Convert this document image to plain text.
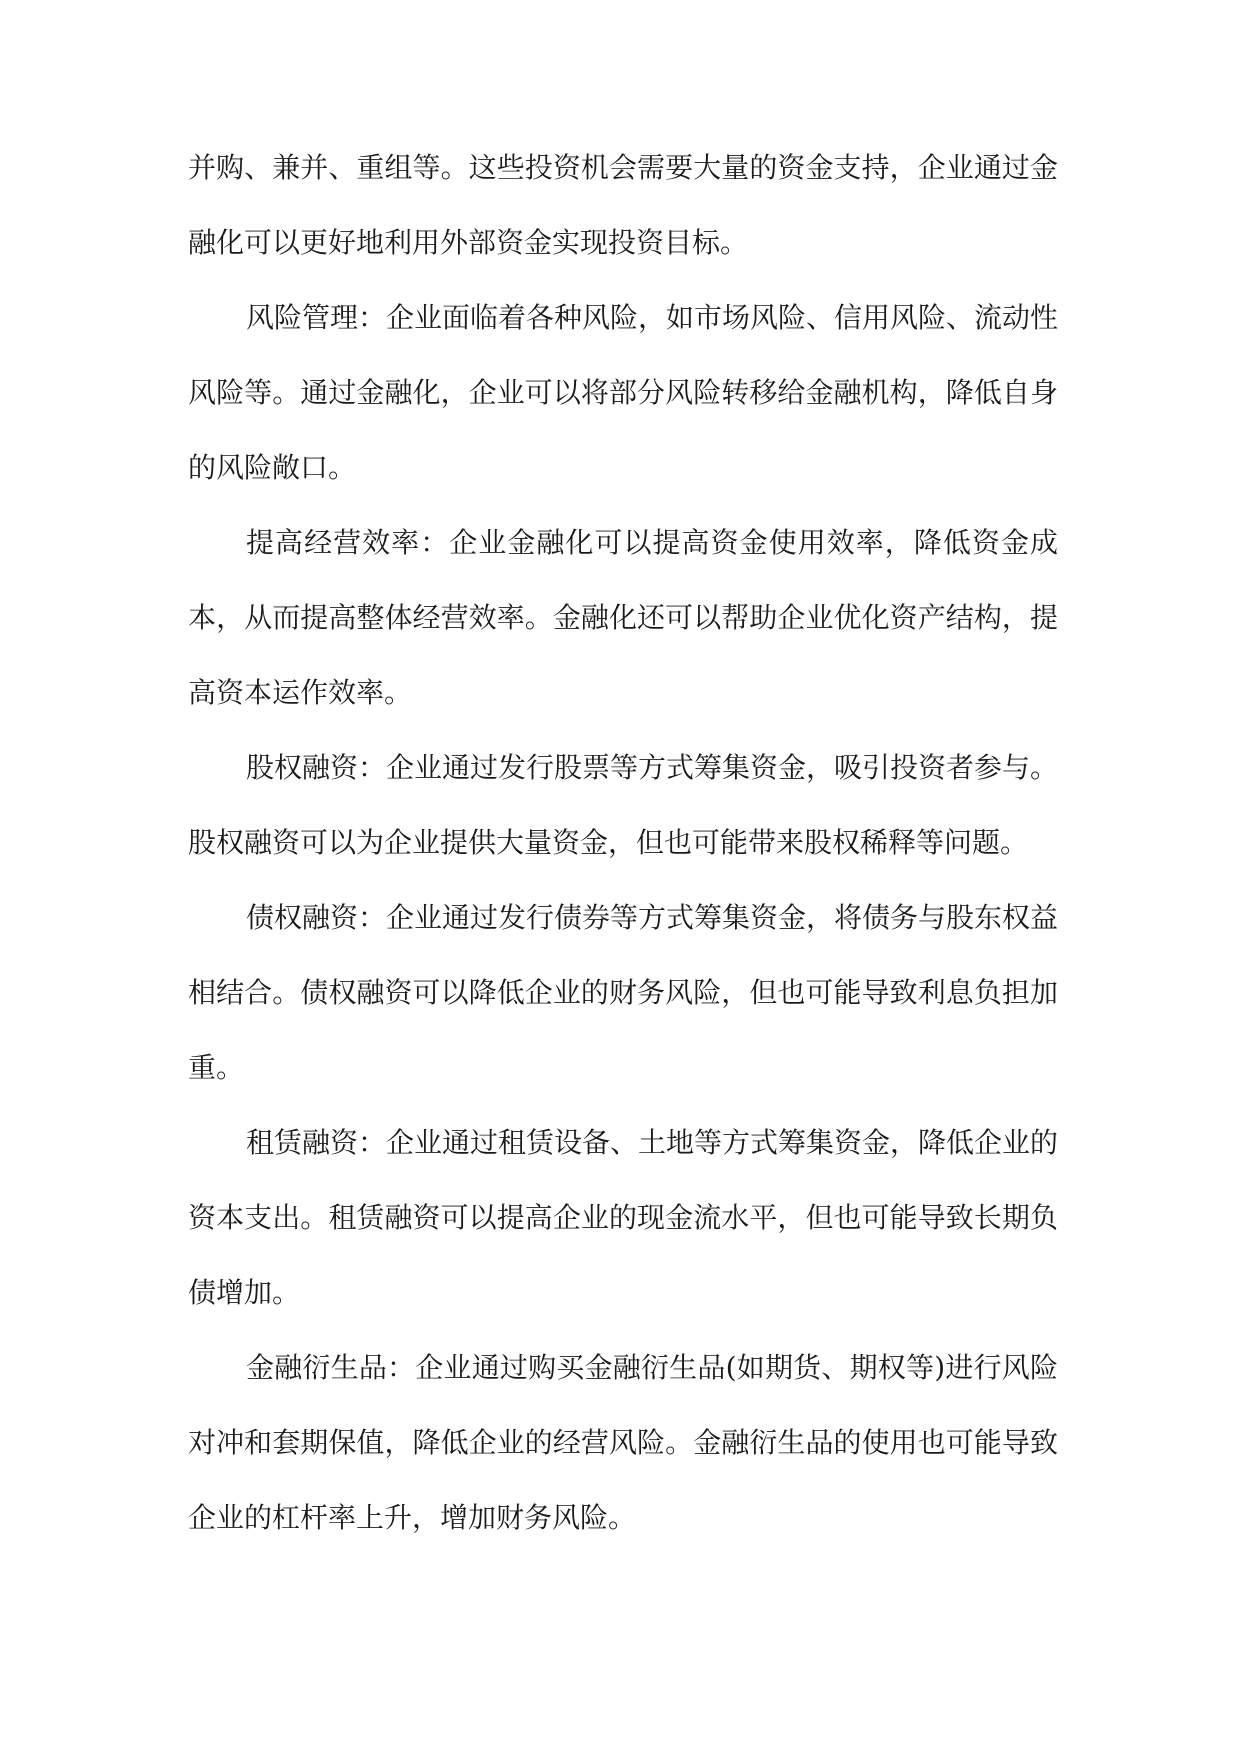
并购、兼并、重组等。这些投资机会需要大量的资金支持，企业通过金融化可以更好地利用外部资金实现投资目标。

风险管理：企业面临着各种风险，如市场风险、信用风险、流动性风险等。通过金融化，企业可以将部分风险转移给金融机构，降低自身的风险敞口。

提高经营效率：企业金融化可以提高资金使用效率，降低资金成本，从而提高整体经营效率。金融化还可以帮助企业优化资产结构，提高资本运作效率。

股权融资：企业通过发行股票等方式筹集资金，吸引投资者参与。股权融资可以为企业提供大量资金，但也可能带来股权稀释等问题。

债权融资：企业通过发行债券等方式筹集资金，将债务与股东权益相结合。债权融资可以降低企业的财务风险，但也可能导致利息负担加重。

租赁融资：企业通过租赁设备、土地等方式筹集资金，降低企业的资本支出。租赁融资可以提高企业的现金流水平，但也可能导致长期负债增加。

金融衍生品：企业通过购买金融衍生品(如期货、期权等)进行风险对冲和套期保值，降低企业的经营风险。金融衍生品的使用也可能导致企业的杠杆率上升，增加财务风险。
